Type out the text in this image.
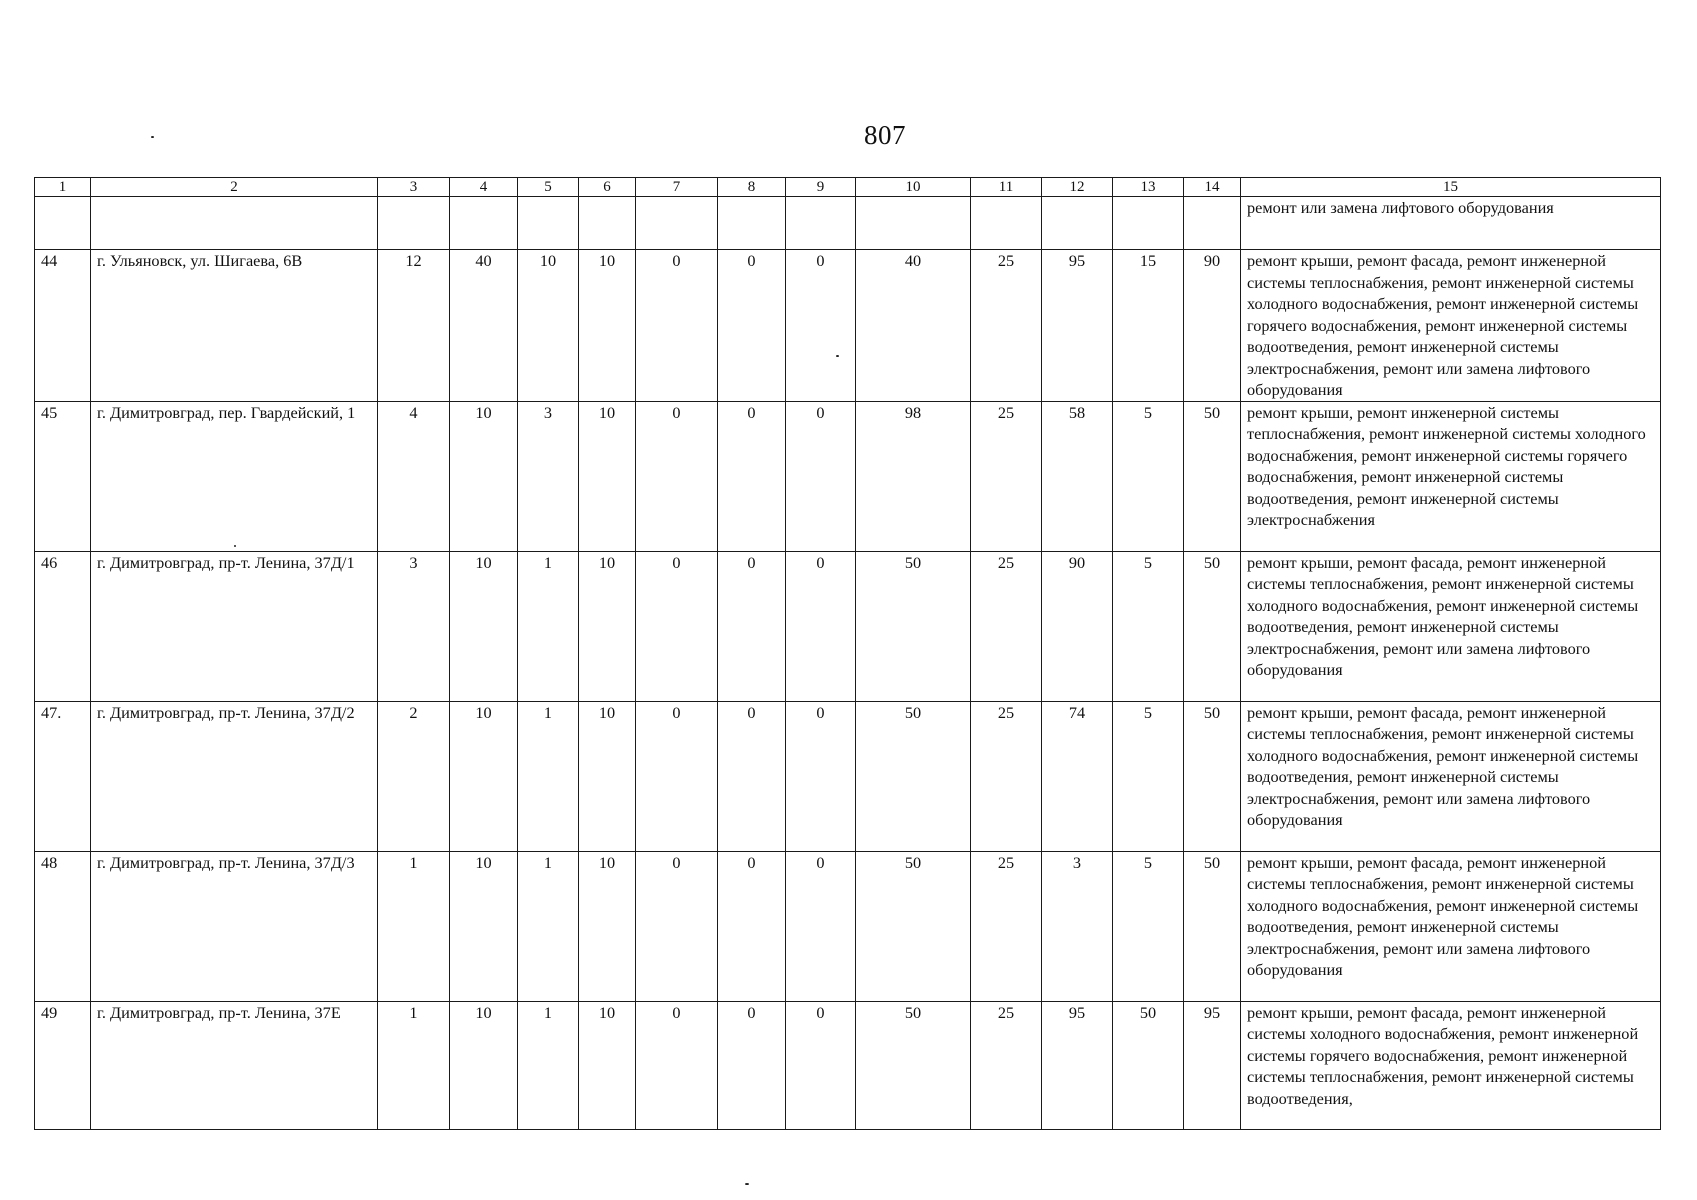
807
1	2	3	4	5	6	7	8	9	10	11	12	13	14	15
														ремонт или замена лифтового оборудования
44	г. Ульяновск, ул. Шигаева, 6В	12	40	10	10	0	0	0	40	25	95	15	90	ремонт крыши, ремонт фасада, ремонт инженерной системы теплоснабжения, ремонт инженерной системы холодного водоснабжения, ремонт инженерной системы горячего водоснабжения, ремонт инженерной системы водоотведения, ремонт инженерной системы электроснабжения, ремонт или замена лифтового оборудования
45	г. Димитровград, пер. Гвардейский, 1	4	10	3	10	0	0	0	98	25	58	5	50	ремонт крыши, ремонт инженерной системы теплоснабжения, ремонт инженерной системы холодного водоснабжения, ремонт инженерной системы горячего водоснабжения, ремонт инженерной системы водоотведения, ремонт инженерной системы электроснабжения
46	г. Димитровград, пр-т. Ленина, 37Д/1	3	10	1	10	0	0	0	50	25	90	5	50	ремонт крыши, ремонт фасада, ремонт инженерной системы теплоснабжения, ремонт инженерной системы холодного водоснабжения, ремонт инженерной системы водоотведения, ремонт инженерной системы электроснабжения, ремонт или замена лифтового оборудования
47.	г. Димитровград, пр-т. Ленина, 37Д/2	2	10	1	10	0	0	0	50	25	74	5	50	ремонт крыши, ремонт фасада, ремонт инженерной системы теплоснабжения, ремонт инженерной системы холодного водоснабжения, ремонт инженерной системы водоотведения, ремонт инженерной системы электроснабжения, ремонт или замена лифтового оборудования
48	г. Димитровград, пр-т. Ленина, 37Д/3	1	10	1	10	0	0	0	50	25	3	5	50	ремонт крыши, ремонт фасада, ремонт инженерной системы теплоснабжения, ремонт инженерной системы холодного водоснабжения, ремонт инженерной системы водоотведения, ремонт инженерной системы электроснабжения, ремонт или замена лифтового оборудования
49	г. Димитровград, пр-т. Ленина, 37Е	1	10	1	10	0	0	0	50	25	95	50	95	ремонт крыши, ремонт фасада, ремонт инженерной системы холодного водоснабжения, ремонт инженерной системы горячего водоснабжения, ремонт инженерной системы теплоснабжения, ремонт инженерной системы водоотведения,
